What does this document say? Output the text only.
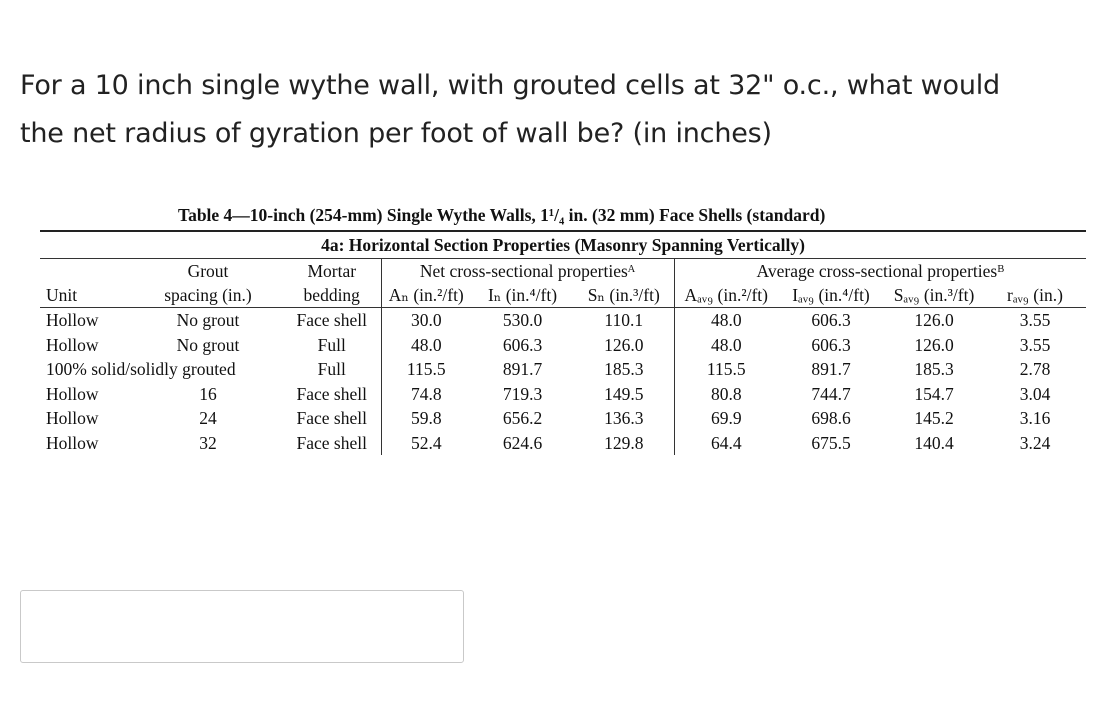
For a 10 inch single wythe wall, with grouted cells at 32" o.c., what would
the net radius of gyration per foot of wall be? (in inches)
Table 4—10-inch (254-mm) Single Wythe Walls, 1¹/₄ in. (32 mm) Face Shells (standard)
4a: Horizontal Section Properties (Masonry Spanning Vertically)
	Grout	Mortar	Net cross-sectional propertiesᴬ			Average cross-sectional propertiesᴮ			
Unit	spacing (in.)	bedding	Aₙ (in.²/ft)	Iₙ (in.⁴/ft)	Sₙ (in.³/ft)	Aₐᵥ₉ (in.²/ft)	Iₐᵥ₉ (in.⁴/ft)	Sₐᵥ₉ (in.³/ft)	rₐᵥ₉ (in.)
Hollow	No grout	Face shell	30.0	530.0	110.1	48.0	606.3	126.0	3.55
Hollow	No grout	Full	48.0	606.3	126.0	48.0	606.3	126.0	3.55
100% solid/solidly grouted		Full	115.5	891.7	185.3	115.5	891.7	185.3	2.78
Hollow	16	Face shell	74.8	719.3	149.5	80.8	744.7	154.7	3.04
Hollow	24	Face shell	59.8	656.2	136.3	69.9	698.6	145.2	3.16
Hollow	32	Face shell	52.4	624.6	129.8	64.4	675.5	140.4	3.24
